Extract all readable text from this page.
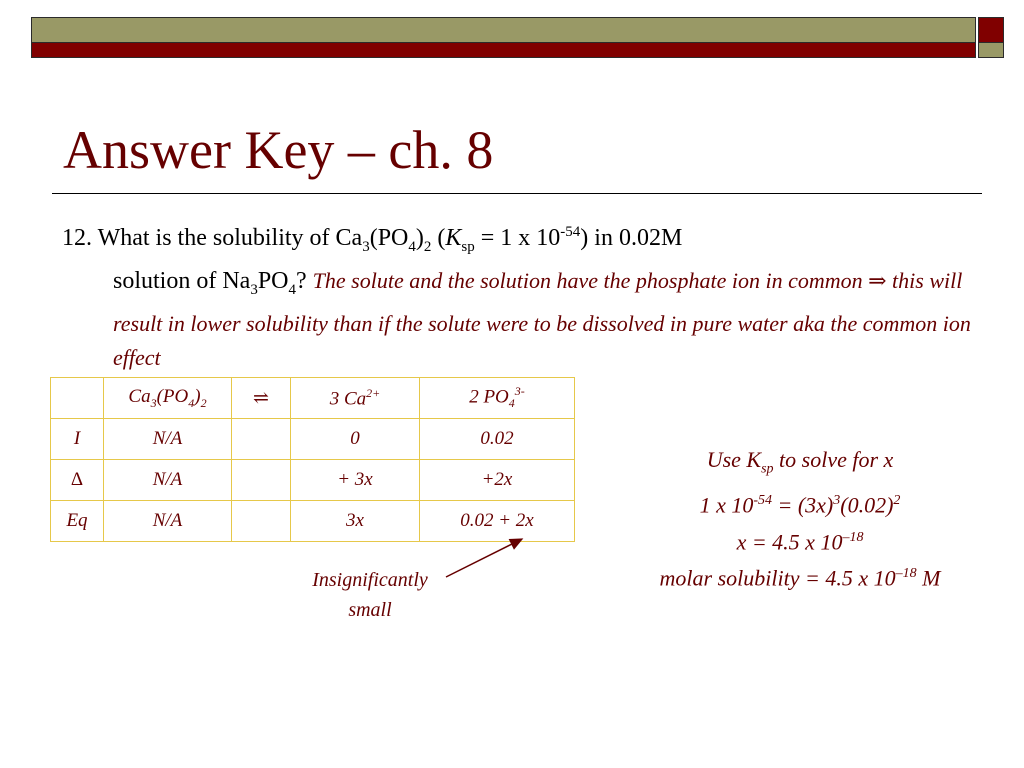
Answer Key – ch. 8
12. What is the solubility of $Ca_3(PO_4)_2$ ($K_{sp} = 1$ x $10^{-54}$) in 0.02M
solution of $Na_3PO_4$? The solute and the solution have the phosphate ion in common ⇒ this will result in lower solubility than if the solute were to be dissolved in pure water aka the common ion effect
	$Ca_3(PO_4)_2$	⇌	3 $Ca^{2+}$	2 $PO_4^{3-}$
I	N/A		0	0.02
Δ	N/A		+ 3x	+2x
Eq	N/A		3x	0.02 + 2x
Use $K_{sp}$ to solve for x
1 x $10^{-54} = (3x)^3(0.02)^2$
x = 4.5 x $10^{-18}$
molar solubility = 4.5 x $10^{-18}$ M
Insignificantly
small
